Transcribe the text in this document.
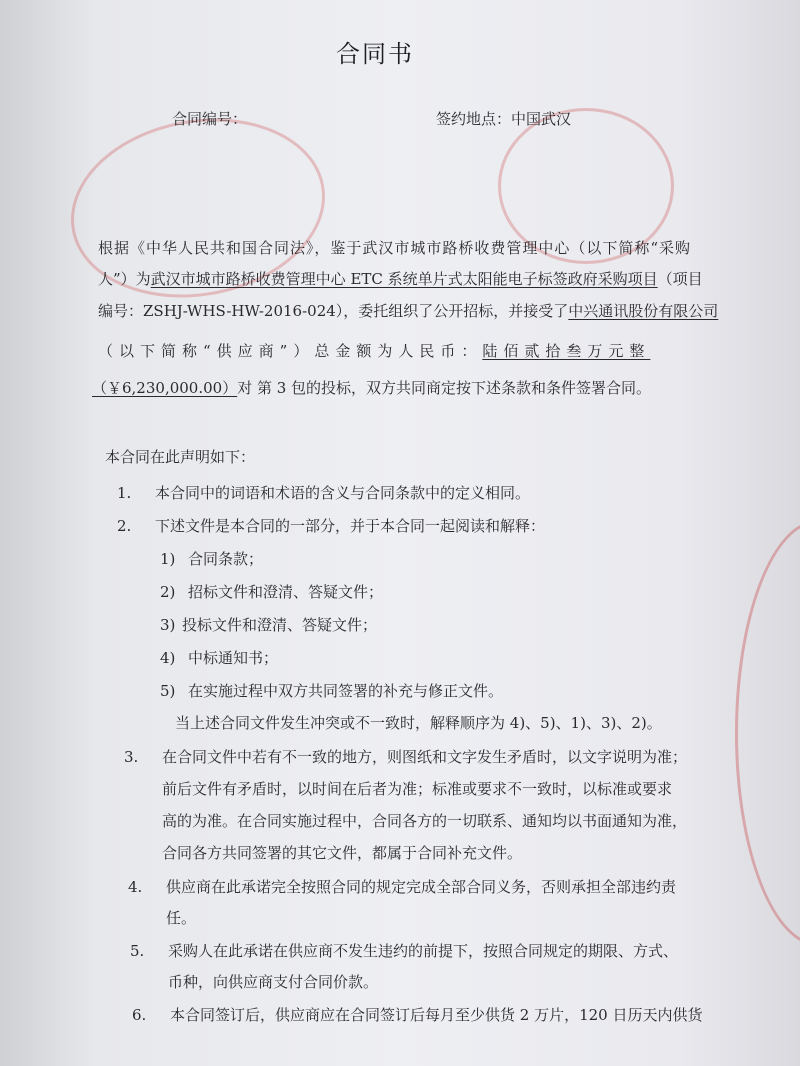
合同书
合同编号：	签约地点：中国武汉
根据《中华人民共和国合同法》，鉴于武汉市城市路桥收费管理中心（以下简称“采购
人”）为武汉市城市路桥收费管理中心 ETC 系统单片式太阳能电子标签政府采购项目（项目
编号：ZSHJ-WHS-HW-2016-024），委托组织了公开招标，并接受了中兴通讯股份有限公司
（以下简称“供应商”）总金额为人民币：陆佰贰拾叁万元整
（￥6,230,000.00）对 第 3 包的投标，双方共同商定按下述条款和条件签署合同。
本合同在此声明如下：
1. 本合同中的词语和术语的含义与合同条款中的定义相同。
2. 下述文件是本合同的一部分，并于本合同一起阅读和解释：
1) 合同条款；
2) 招标文件和澄清、答疑文件；
3) 投标文件和澄清、答疑文件；
4) 中标通知书；
5) 在实施过程中双方共同签署的补充与修正文件。
当上述合同文件发生冲突或不一致时，解释顺序为 4)、5)、1)、3)、2)。
3. 在合同文件中若有不一致的地方，则图纸和文字发生矛盾时，以文字说明为准；
前后文件有矛盾时，以时间在后者为准；标准或要求不一致时，以标准或要求
高的为准。在合同实施过程中，合同各方的一切联系、通知均以书面通知为准，
合同各方共同签署的其它文件，都属于合同补充文件。
4. 供应商在此承诺完全按照合同的规定完成全部合同义务，否则承担全部违约责
任。
5. 采购人在此承诺在供应商不发生违约的前提下，按照合同规定的期限、方式、
币种，向供应商支付合同价款。
6. 本合同签订后，供应商应在合同签订后每月至少供货 2 万片，120 日历天内供货
